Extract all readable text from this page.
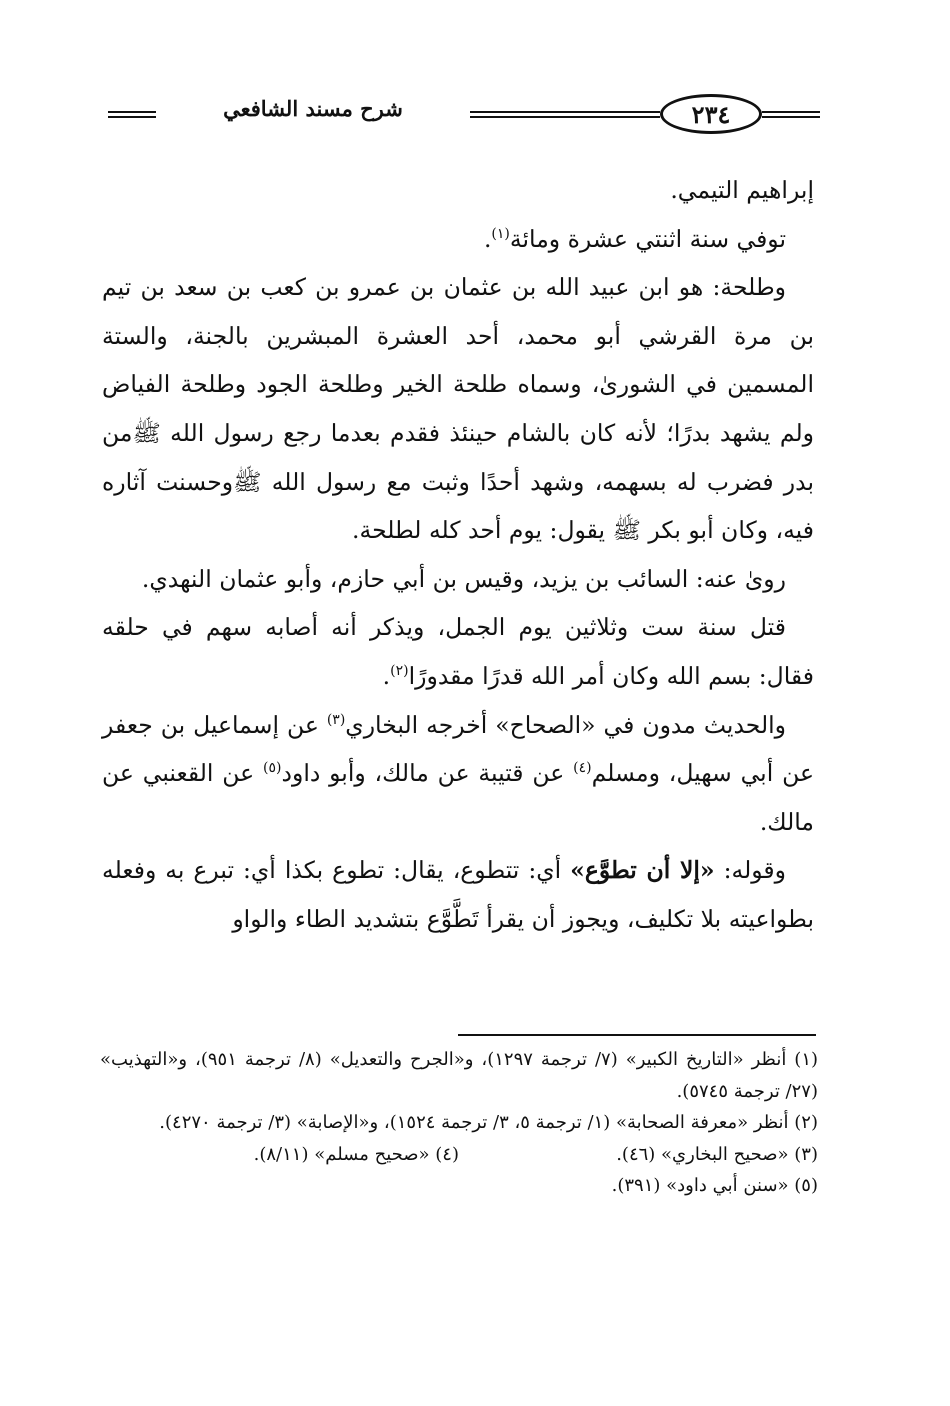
٢٣٤
شرح مسند الشافعي

إبراهيم التيمي.

توفي سنة اثنتي عشرة ومائة$^{(١)}$.

وطلحة: هو ابن عبيد الله بن عثمان بن عمرو بن كعب بن سعد بن تيم بن مرة القرشي أبو محمد، أحد العشرة المبشرين بالجنة، والستة المسمين في الشورىٰ، وسماه طلحة الخير وطلحة الجود وطلحة الفياض ولم يشهد بدرًا؛ لأنه كان بالشام حينئذ فقدم بعدما رجع رسول الله ﷺمن بدر فضرب له بسهمه، وشهد أحدًا وثبت مع رسول الله ﷺوحسنت آثاره فيه، وكان أبو بكر ﷺ يقول: يوم أحد كله لطلحة.

رویٰ عنه: السائب بن يزيد، وقيس بن أبي حازم، وأبو عثمان النهدي.

قتل سنة ست وثلاثين يوم الجمل، ويذكر أنه أصابه سهم في حلقه فقال: بسم الله وكان أمر الله قدرًا مقدورًا$^{(٢)}$.

والحديث مدون في «الصحاح» أخرجه البخاري$^{(٣)}$ عن إسماعيل بن جعفر عن أبي سهيل، ومسلم$^{(٤)}$ عن قتيبة عن مالك، وأبو داود$^{(٥)}$ عن القعنبي عن مالك.

وقوله: «إلا أن تطوَّع» أي: تتطوع، يقال: تطوع بكذا أي: تبرع به وفعله بطواعيته بلا تكليف، ويجوز أن يقرأ تَطَّوَّع بتشديد الطاء والواو

(١) أنظر «التاريخ الكبير» (٧/ ترجمة ١٢٩٧)، و«الجرح والتعديل» (٨/ ترجمة ٩٥١)، و«التهذيب» (٢٧/ ترجمة ٥٧٤٥).

(٢) أنظر «معرفة الصحابة» (١/ ترجمة ٥، ٣/ ترجمة ١٥٢٤)، و«الإصابة» (٣/ ترجمة ٤٢٧٠).

(٣) «صحيح البخاري» (٤٦).
(٤) «صحيح مسلم» (٨/١١).

(٥) «سنن أبي داود» (٣٩١).
